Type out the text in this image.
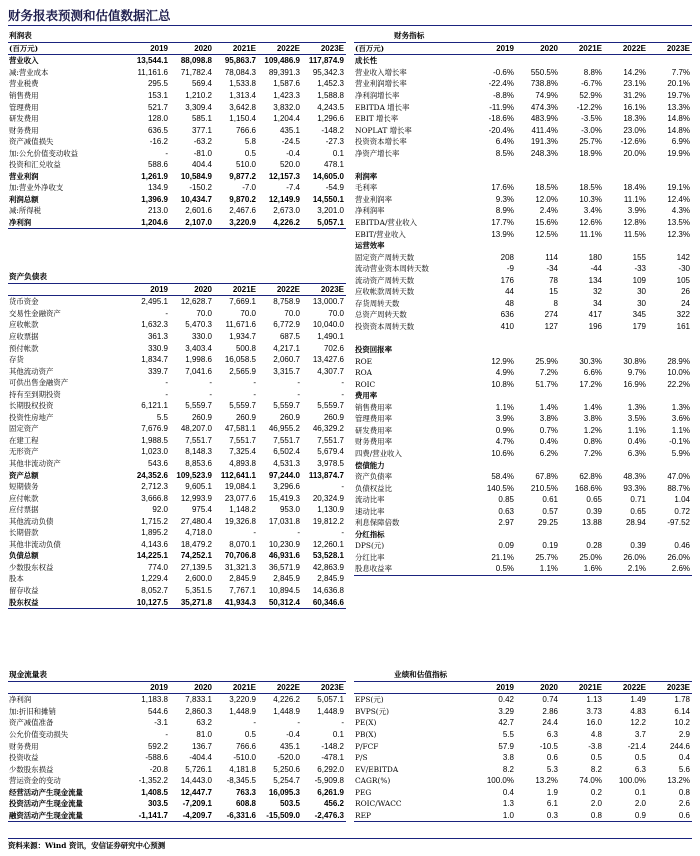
财务报表预测和估值数据汇总
利润表					
(百万元)	2019	2020	2021E	2022E	2023E
营业收入	13,544.1	88,098.8	95,863.7	109,486.9	117,874.9
减:营业成本	11,161.6	71,782.4	78,084.3	89,391.3	95,342.3
营业税费	295.5	569.4	1,533.8	1,587.6	1,452.3
销售费用	153.1	1,210.2	1,313.4	1,423.3	1,588.8
管理费用	521.7	3,309.4	3,642.8	3,832.0	4,243.5
研发费用	128.0	585.1	1,150.4	1,204.4	1,296.6
财务费用	636.5	377.1	766.6	435.1	-148.2
资产减值损失	-16.2	-63.2	5.8	-24.5	-27.3
加:公允价值变动收益	-	-81.0	0.5	-0.4	0.1
投资和汇兑收益	588.6	404.4	510.0	520.0	478.1
营业利润	1,261.9	10,584.9	9,877.2	12,157.3	14,605.0
加:营业外净收支	134.9	-150.2	-7.0	-7.4	-54.9
利润总额	1,396.9	10,434.7	9,870.2	12,149.9	14,550.1
减:所得税	213.0	2,601.6	2,467.6	2,673.0	3,201.0
净利润	1,204.6	2,107.0	3,220.9	4,226.2	5,057.1
资产负债表					
	2019	2020	2021E	2022E	2023E
货币资金	2,495.1	12,628.7	7,669.1	8,758.9	13,000.7
交易性金融资产	-	70.0	70.0	70.0	70.0
应收帐款	1,632.3	5,470.3	11,671.6	6,772.9	10,040.0
应收票据	361.3	330.0	1,934.7	687.5	1,490.1
预付帐款	330.9	3,403.4	500.8	4,217.1	702.6
存货	1,834.7	1,998.6	16,058.5	2,060.7	13,427.6
其他流动资产	339.7	7,041.6	2,565.9	3,315.7	4,307.7
可供出售金融资产	-	-	-	-	-
持有至到期投资	-	-	-	-	-
长期股权投资	6,121.1	5,559.7	5,559.7	5,559.7	5,559.7
投资性房地产	5.5	260.9	260.9	260.9	260.9
固定资产	7,676.9	48,207.0	47,581.1	46,955.2	46,329.2
在建工程	1,988.5	7,551.7	7,551.7	7,551.7	7,551.7
无形资产	1,023.0	8,148.3	7,325.4	6,502.4	5,679.4
其他非流动资产	543.6	8,853.6	4,893.8	4,531.3	3,978.5
资产总额	24,352.6	109,523.9	112,641.1	97,244.0	113,874.7
短期债务	2,712.3	9,605.1	19,084.1	3,296.6	-
应付帐款	3,666.8	12,993.9	23,077.6	15,419.3	20,324.9
应付票据	92.0	975.4	1,148.2	953.0	1,130.9
其他流动负债	1,715.2	27,480.4	19,326.8	17,031.8	19,812.2
长期借款	1,895.2	4,718.0	-	-	-
其他非流动负债	4,143.6	18,479.2	8,070.1	10,230.9	12,260.1
负债总额	14,225.1	74,252.1	70,706.8	46,931.6	53,528.1
少数股东权益	774.0	27,139.5	31,321.3	36,571.9	42,863.9
股本	1,229.4	2,600.0	2,845.9	2,845.9	2,845.9
留存收益	8,052.7	5,351.5	7,767.1	10,894.5	14,636.8
股东权益	10,127.5	35,271.8	41,934.3	50,312.4	60,346.6
现金流量表					
	2019	2020	2021E	2022E	2023E
净利润	1,183.8	7,833.1	3,220.9	4,226.2	5,057.1
加:折旧和摊销	544.6	2,860.3	1,448.9	1,448.9	1,448.9
资产减值准备	-3.1	63.2	-	-	-
公允价值变动损失	-	81.0	0.5	-0.4	0.1
财务费用	592.2	136.7	766.6	435.1	-148.2
投资收益	-588.6	-404.4	-510.0	-520.0	-478.1
少数股东损益	-20.8	5,726.1	4,181.8	5,250.6	6,292.0
营运资金的变动	-1,352.2	14,443.0	-8,345.5	5,254.7	-5,909.8
经营活动产生现金流量	1,408.5	12,447.7	763.3	16,095.3	6,261.9
投资活动产生现金流量	303.5	-7,209.1	608.8	503.5	456.2
融资活动产生现金流量	-1,141.7	-4,209.7	-6,331.6	-15,509.0	-2,476.3
财务指标					
(百万元)	2019	2020	2021E	2022E	2023E
成长性					
营业收入增长率	-0.6%	550.5%	8.8%	14.2%	7.7%
营业利润增长率	-22.4%	738.8%	-6.7%	23.1%	20.1%
净利润增长率	-8.8%	74.9%	52.9%	31.2%	19.7%
EBITDA 增长率	-11.9%	474.3%	-12.2%	16.1%	13.3%
EBIT 增长率	-18.6%	483.9%	-3.5%	18.3%	14.8%
NOPLAT 增长率	-20.4%	411.4%	-3.0%	23.0%	14.8%
投资资本增长率	6.4%	191.3%	25.7%	-12.6%	6.9%
净资产增长率	8.5%	248.3%	18.9%	20.0%	19.9%

利润率					
毛利率	17.6%	18.5%	18.5%	18.4%	19.1%
营业利润率	9.3%	12.0%	10.3%	11.1%	12.4%
净利润率	8.9%	2.4%	3.4%	3.9%	4.3%
EBITDA/营业收入	17.7%	15.6%	12.6%	12.8%	13.5%
EBIT/营业收入	13.9%	12.5%	11.1%	11.5%	12.3%
运营效率					
固定资产周转天数	208	114	180	155	142
流动营业资本周转天数	-9	-34	-44	-33	-30
流动资产周转天数	176	78	134	109	105
应收帐款周转天数	44	15	32	30	26
存货周转天数	48	8	34	30	24
总资产周转天数	636	274	417	345	322
投资资本周转天数	410	127	196	179	161

投资回报率					
ROE	12.9%	25.9%	30.3%	30.8%	28.9%
ROA	4.9%	7.2%	6.6%	9.7%	10.0%
ROIC	10.8%	51.7%	17.2%	16.9%	22.2%
费用率					
销售费用率	1.1%	1.4%	1.4%	1.3%	1.3%
管理费用率	3.9%	3.8%	3.8%	3.5%	3.6%
研发费用率	0.9%	0.7%	1.2%	1.1%	1.1%
财务费用率	4.7%	0.4%	0.8%	0.4%	-0.1%
四费/营业收入	10.6%	6.2%	7.2%	6.3%	5.9%
偿债能力					
资产负债率	58.4%	67.8%	62.8%	48.3%	47.0%
负债权益比	140.5%	210.5%	168.6%	93.3%	88.7%
流动比率	0.85	0.61	0.65	0.71	1.04
速动比率	0.63	0.57	0.39	0.65	0.72
利息保障倍数	2.97	29.25	13.88	28.94	-97.52
分红指标					
DPS(元)	0.09	0.19	0.28	0.39	0.46
分红比率	21.1%	25.7%	25.0%	26.0%	26.0%
股息收益率	0.5%	1.1%	1.6%	2.1%	2.6%
业绩和估值指标					
	2019	2020	2021E	2022E	2023E
EPS(元)	0.42	0.74	1.13	1.49	1.78
BVPS(元)	3.29	2.86	3.73	4.83	6.14
PE(X)	42.7	24.4	16.0	12.2	10.2
PB(X)	5.5	6.3	4.8	3.7	2.9
P/FCF	57.9	-10.5	-3.8	-21.4	244.6
P/S	3.8	0.6	0.5	0.5	0.4
EV/EBITDA	8.2	5.3	8.2	6.3	5.6
CAGR(%)	100.0%	13.2%	74.0%	100.0%	13.2%
PEG	0.4	1.9	0.2	0.1	0.8
ROIC/WACC	1.3	6.1	2.0	2.0	2.6
REP	1.0	0.3	0.8	0.9	0.6
资料来源：Wind 资讯，安信证券研究中心预测
